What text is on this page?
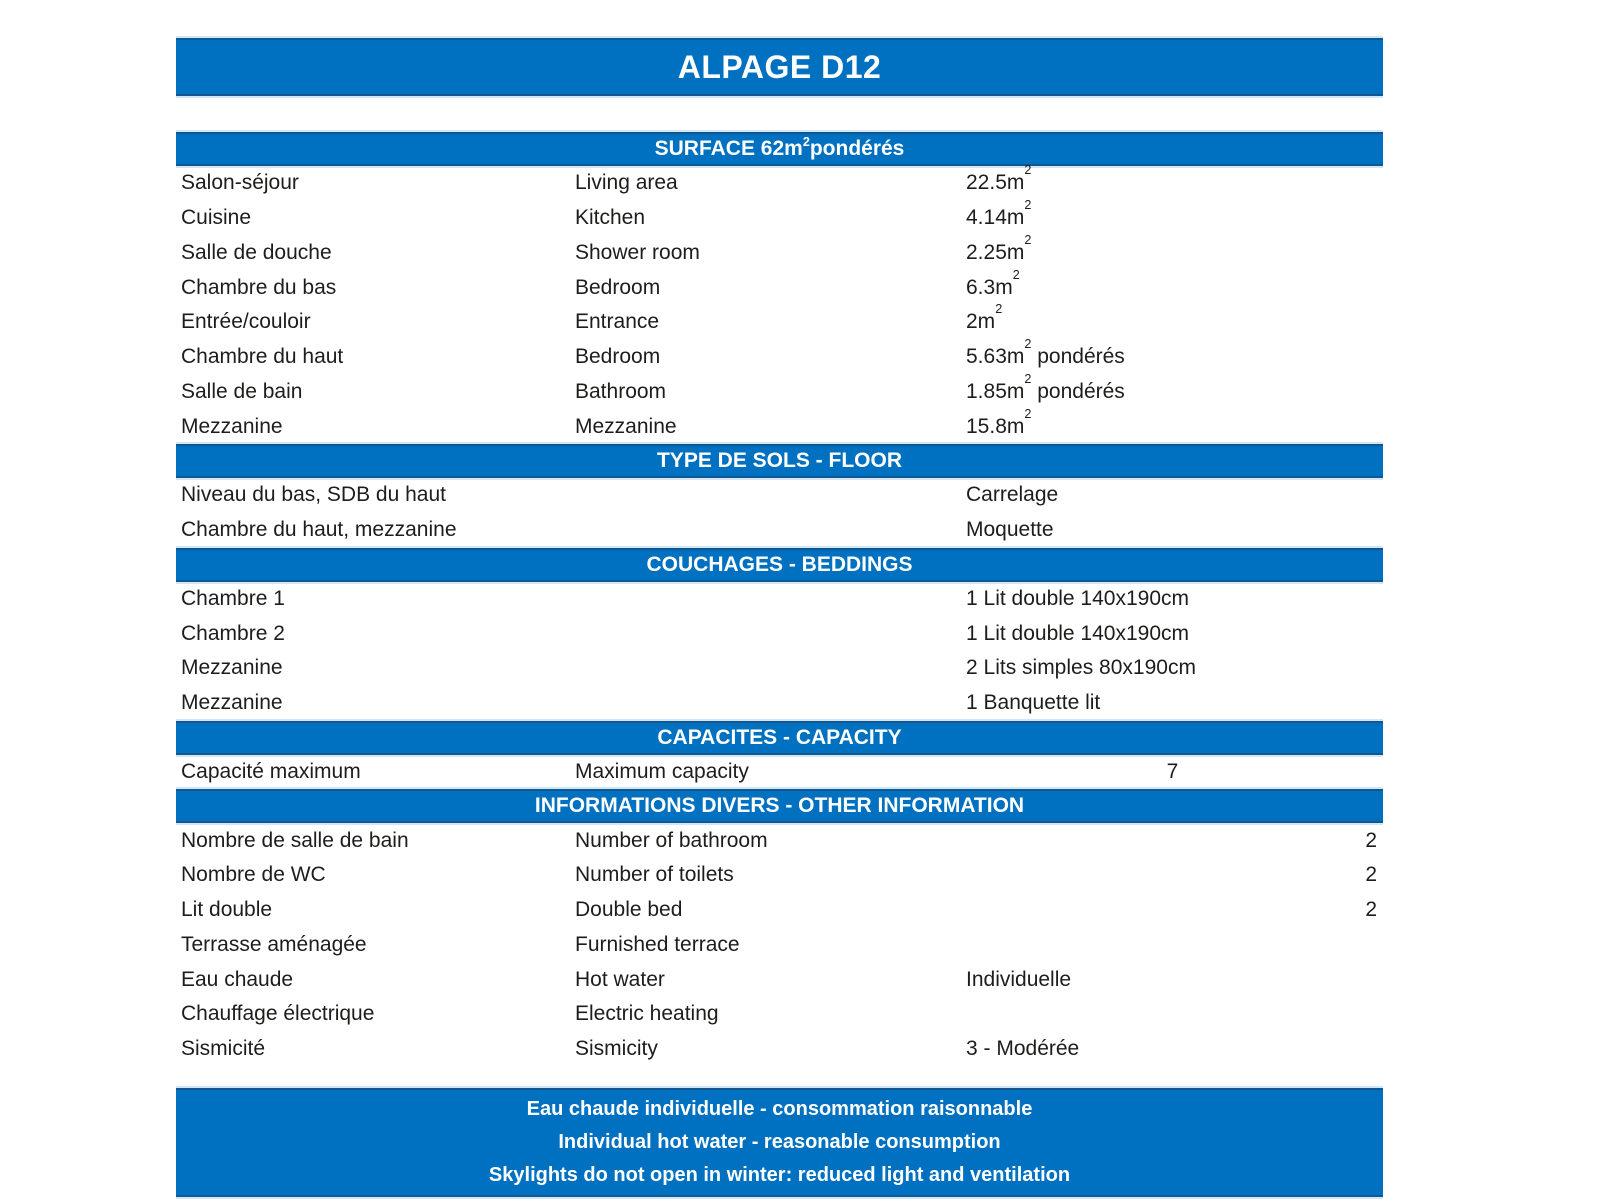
ALPAGE D12
SURFACE $62m^2$ pondérés
Salon-séjour	Living area	$22.5m^2$
Cuisine	Kitchen	$4.14m^2$
Salle de douche	Shower room	$2.25m^2$
Chambre du bas	Bedroom	$6.3m^2$
Entrée/couloir	Entrance	$2m^2$
Chambre du haut	Bedroom	$5.63m^2$ pondérés
Salle de bain	Bathroom	$1.85m^2$ pondérés
Mezzanine	Mezzanine	$15.8m^2$
TYPE DE SOLS - FLOOR
Niveau du bas, SDB du haut	Carrelage
Chambre du haut, mezzanine	Moquette
COUCHAGES - BEDDINGS
Chambre 1	1 Lit double 140x190cm
Chambre 2	1 Lit double 140x190cm
Mezzanine	2 Lits simples 80x190cm
Mezzanine	1 Banquette lit
CAPACITES - CAPACITY
Capacité maximum	Maximum capacity	7
INFORMATIONS DIVERS - OTHER INFORMATION
Nombre de salle de bain	Number of bathroom	2
Nombre de WC	Number of toilets	2
Lit double	Double bed	2
Terrasse aménagée	Furnished terrace
Eau chaude	Hot water	Individuelle
Chauffage électrique	Electric heating
Sismicité	Sismicity	3 - Modérée
Eau chaude individuelle - consommation raisonnable
Individual hot water - reasonable consumption
Skylights do not open in winter: reduced light and ventilation
